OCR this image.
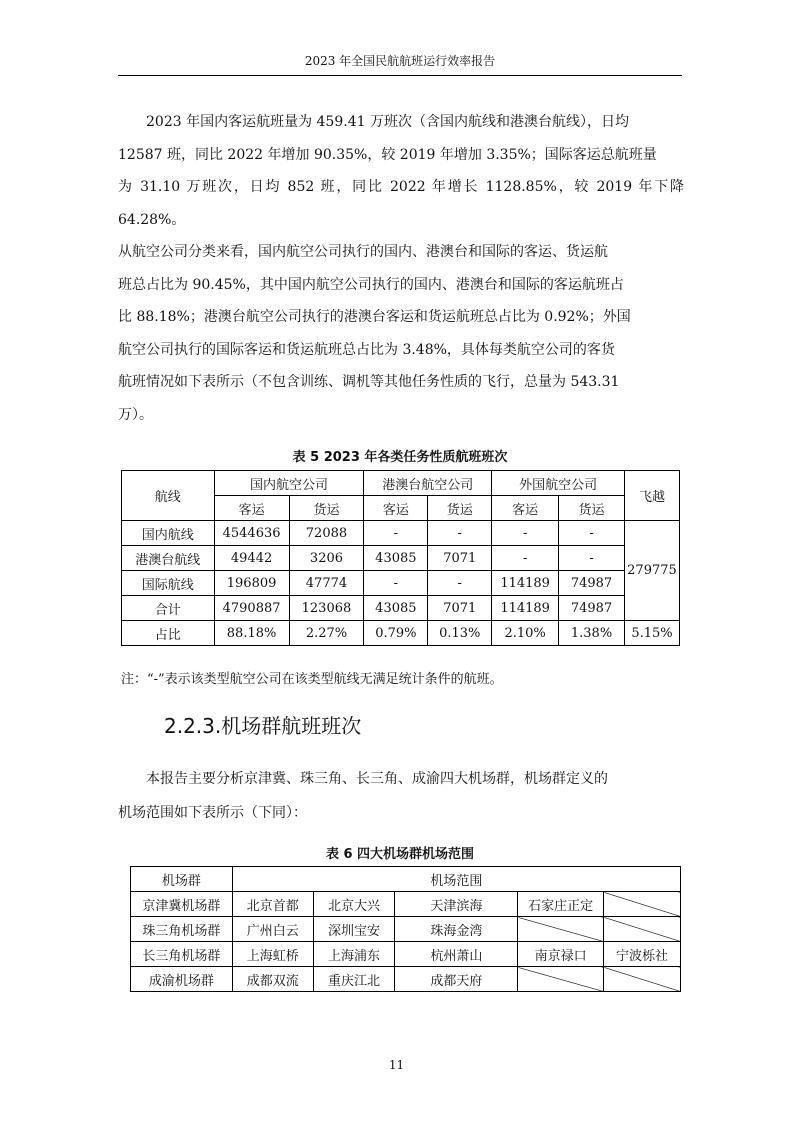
2023 年全国民航航班运行效率报告
2023 年国内客运航班量为 459.41 万班次（含国内航线和港澳台航线），日均
12587 班，同比 2022 年增加 90.35%，较 2019 年增加 3.35%；国际客运总航班量
为 31.10 万班次，日均 852 班，同比 2022 年增长 1128.85%，较 2019 年下降 64.28%。
从航空公司分类来看，国内航空公司执行的国内、港澳台和国际的客运、货运航
班总占比为 90.45%，其中国内航空公司执行的国内、港澳台和国际的客运航班占
比 88.18%；港澳台航空公司执行的港澳台客运和货运航班总占比为 0.92%；外国
航空公司执行的国际客运和货运航班总占比为 3.48%，具体每类航空公司的客货
航班情况如下表所示（不包含训练、调机等其他任务性质的飞行，总量为 543.31
万）。
表 5 2023 年各类任务性质航班班次
航线	国内航空公司		港澳台航空公司		外国航空公司		飞越
	客运	货运	客运	货运	客运	货运	
国内航线	4544636	72088	-	-	-	-	279775
港澳台航线	49442	3206	43085	7071	-	-	
国际航线	196809	47774	-	-	114189	74987	
合计	4790887	123068	43085	7071	114189	74987	
占比	88.18%	2.27%	0.79%	0.13%	2.10%	1.38%	5.15%
注：“-”表示该类型航空公司在该类型航线无满足统计条件的航班。
2.2.3.机场群航班班次
本报告主要分析京津冀、珠三角、长三角、成渝四大机场群，机场群定义的
机场范围如下表所示（下同）：
表 6 四大机场群机场范围
机场群	机场范围				
京津冀机场群	北京首都	北京大兴	天津滨海	石家庄正定	
珠三角机场群	广州白云	深圳宝安	珠海金湾		
长三角机场群	上海虹桥	上海浦东	杭州萧山	南京禄口	宁波栎社
成渝机场群	成都双流	重庆江北	成都天府		
11
